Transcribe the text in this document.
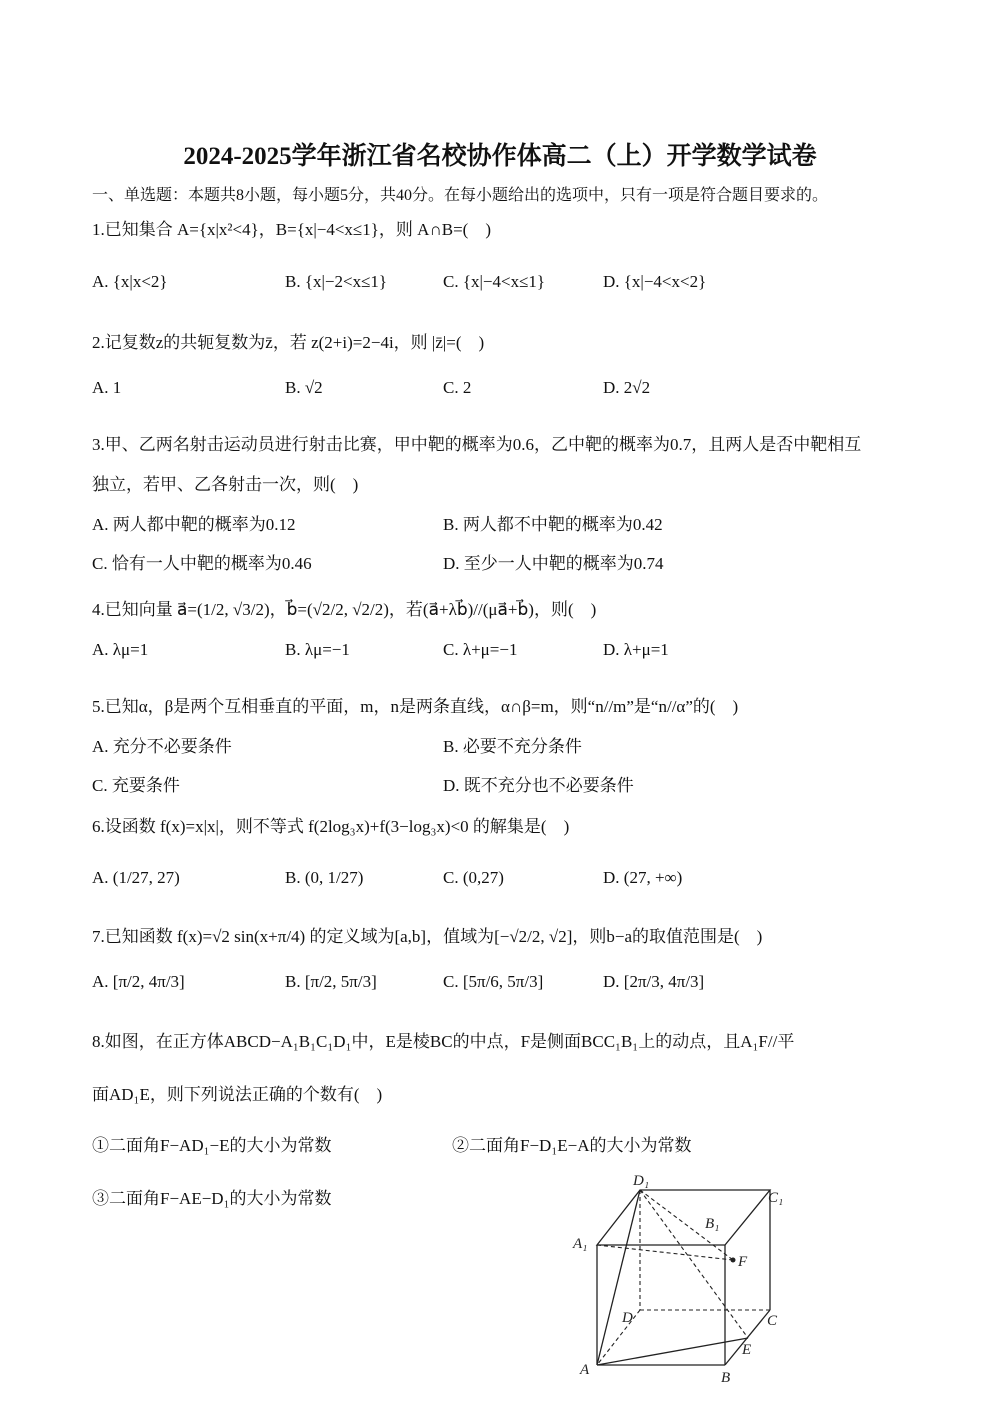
2024-2025学年浙江省名校协作体高二（上）开学数学试卷
一、单选题：本题共8小题，每小题5分，共40分。在每小题给出的选项中，只有一项是符合题目要求的。
1.已知集合 A={x|x²<4}，B={x|−4<x≤1}，则 A∩B=(　)
A. {x|x<2}	B. {x|−2<x≤1}	C. {x|−4<x≤1}	D. {x|−4<x<2}
2.记复数z的共轭复数为z̄，若 z(2+i)=2−4i，则 |z̄|=(　)
A. 1	B. √2	C. 2	D. 2√2
3.甲、乙两名射击运动员进行射击比赛，甲中靶的概率为0.6，乙中靶的概率为0.7，且两人是否中靶相互
独立，若甲、乙各射击一次，则(　)
A. 两人都中靶的概率为0.12	B. 两人都不中靶的概率为0.42
C. 恰有一人中靶的概率为0.46	D. 至少一人中靶的概率为0.74
4.已知向量 a⃗=(1/2, √3/2)，b⃗=(√2/2, √2/2)，若(a⃗+λb⃗)//(μa⃗+b⃗)，则(　)
A. λμ=1	B. λμ=−1	C. λ+μ=−1	D. λ+μ=1
5.已知α，β是两个互相垂直的平面，m，n是两条直线，α∩β=m，则“n//m”是“n//α”的(　)
A. 充分不必要条件	B. 必要不充分条件
C. 充要条件	D. 既不充分也不必要条件
6.设函数 f(x)=x|x|，则不等式 f(2log₃x)+f(3−log₃x)<0 的解集是(　)
A. (1/27, 27)	B. (0, 1/27)	C. (0,27)	D. (27, +∞)
7.已知函数 f(x)=√2 sin(x+π/4) 的定义域为[a,b]，值域为[−√2/2, √2]，则b−a的取值范围是(　)
A. [π/2, 4π/3]	B. [π/2, 5π/3]	C. [5π/6, 5π/3]	D. [2π/3, 4π/3]
8.如图，在正方体ABCD−A₁B₁C₁D₁中，E是棱BC的中点，F是侧面BCC₁B₁上的动点，且A₁F//平
面AD₁E，则下列说法正确的个数有(　)
①二面角F−AD₁−E的大小为常数	②二面角F−D₁E−A的大小为常数
③二面角F−AE−D₁的大小为常数
D₁
C₁
B₁
A₁
F
D	C
E
A	B
